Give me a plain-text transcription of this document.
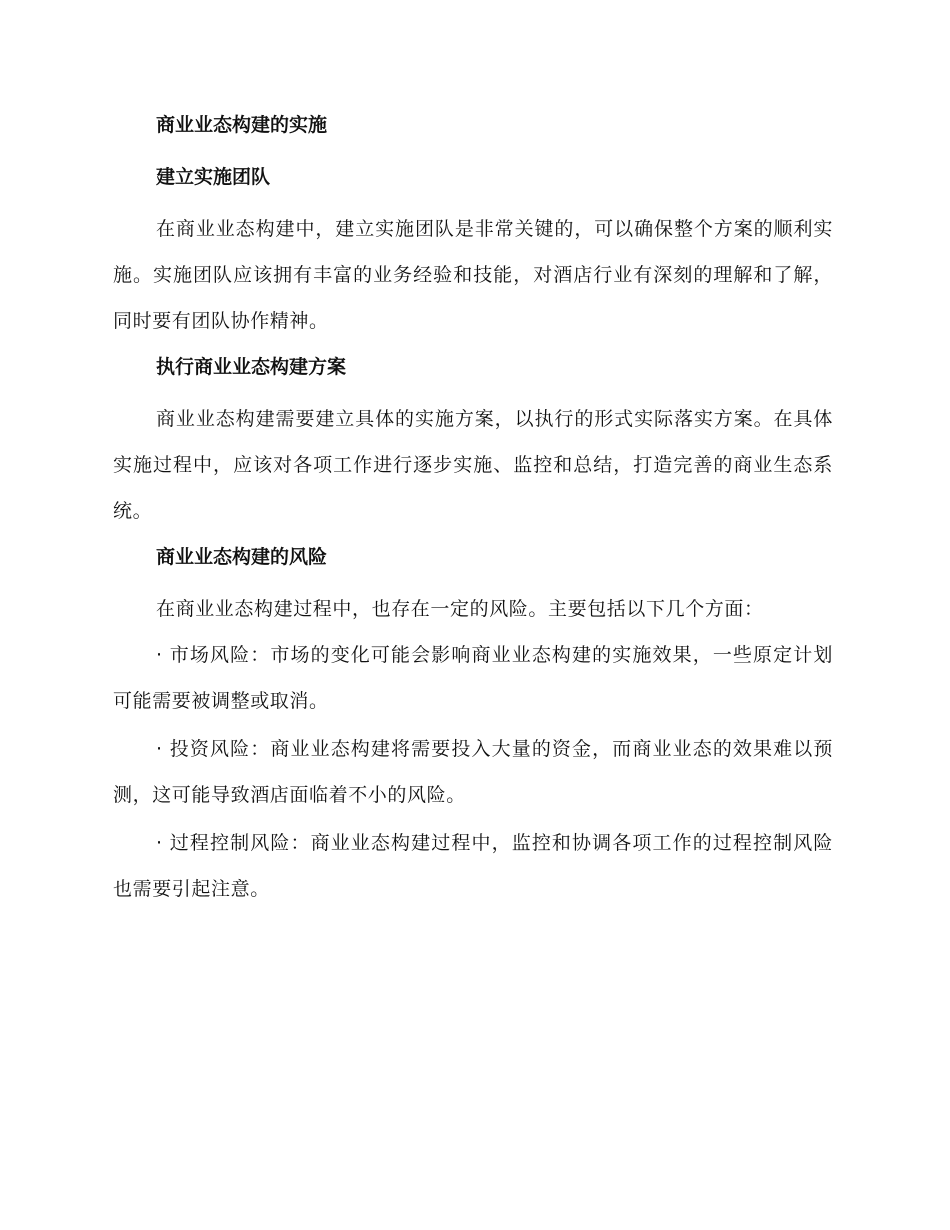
商业业态构建的实施
建立实施团队

在商业业态构建中，建立实施团队是非常关键的，可以确保整个方案的顺利实施。实施团队应该拥有丰富的业务经验和技能，对酒店行业有深刻的理解和了解，同时要有团队协作精神。

执行商业业态构建方案

商业业态构建需要建立具体的实施方案，以执行的形式实际落实方案。在具体实施过程中，应该对各项工作进行逐步实施、监控和总结，打造完善的商业生态系统。

商业业态构建的风险

在商业业态构建过程中，也存在一定的风险。主要包括以下几个方面：

· 市场风险：市场的变化可能会影响商业业态构建的实施效果，一些原定计划可能需要被调整或取消。

· 投资风险：商业业态构建将需要投入大量的资金，而商业业态的效果难以预测，这可能导致酒店面临着不小的风险。

· 过程控制风险：商业业态构建过程中，监控和协调各项工作的过程控制风险也需要引起注意。
